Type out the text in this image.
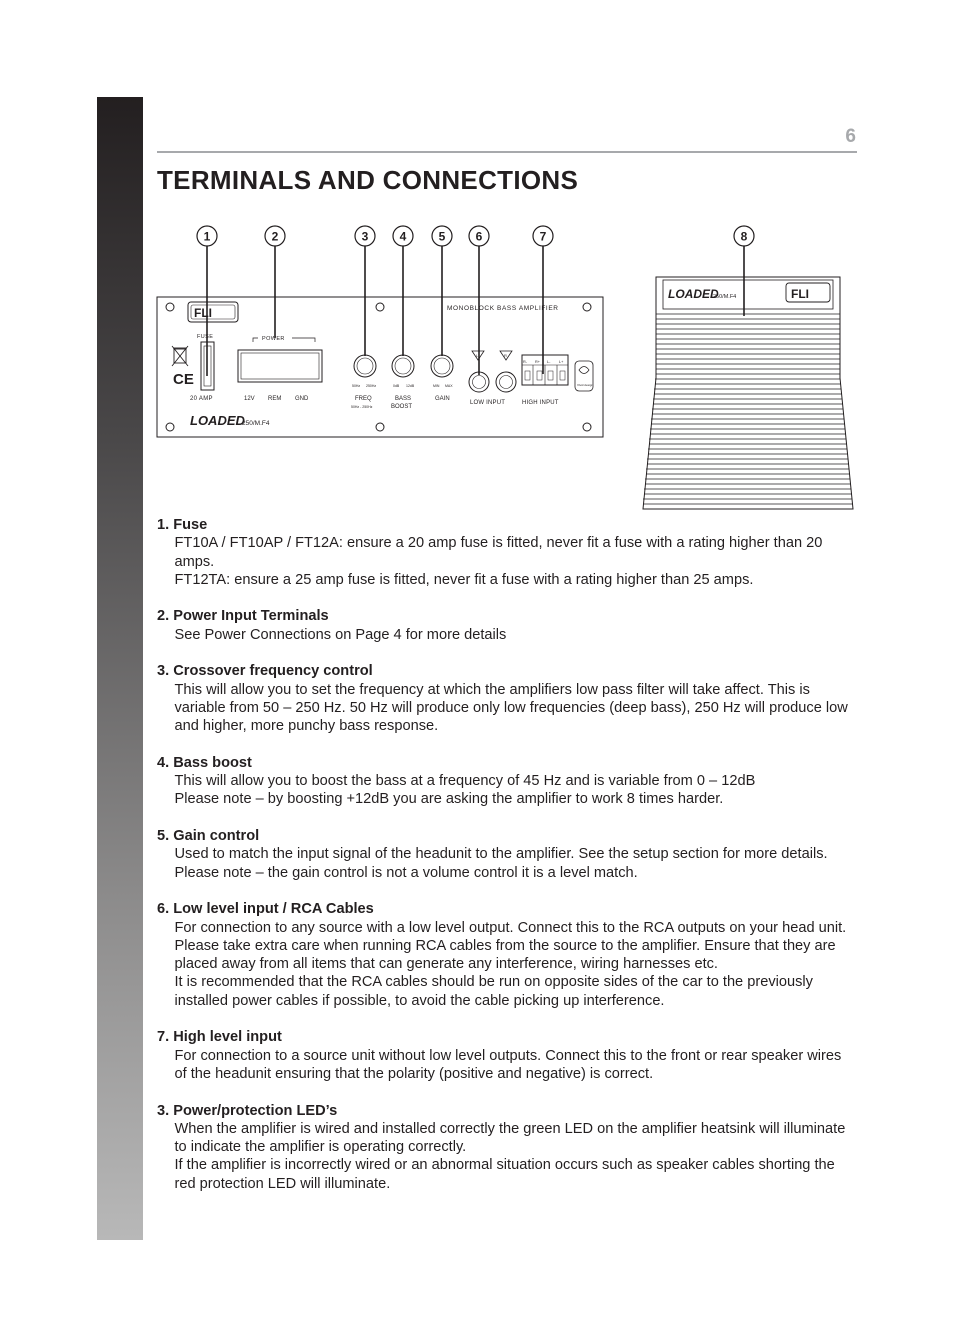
6
TERMINALS AND CONNECTIONS
MONOBLOCK BASS AMPLIFIER
FLI
CE
FUSE
20 AMP
POWER
12V REM GND
50Hz 250Hz
FREQ
50Hz - 250Hz
0dB 12dB
BASS
BOOST
MIN MAX
GAIN
L	R
LOW INPUT
R- R+ L- L+
HIGH INPUT
Vivid design
LOADED
250/M.F4
LOADED
250/M.F4	FLI
1	2	3	4	5	6	7	8
1. Fuse

FT10A / FT10AP / FT12A: ensure a 20 amp fuse is fitted, never fit a fuse with a rating higher than 20 amps.

FT12TA: ensure a 25 amp fuse is fitted, never fit a fuse with a rating higher than 25 amps.

2. Power Input Terminals

See Power Connections on Page 4 for more details

3. Crossover frequency control

This will allow you to set the frequency at which the amplifiers low pass filter will take affect. This is variable from 50 – 250 Hz. 50 Hz will produce only low frequencies (deep bass), 250 Hz will produce low and higher, more punchy bass response.

4. Bass boost

This will allow you to boost the bass at a frequency of 45 Hz and is variable from 0 – 12dB

Please note – by boosting +12dB you are asking the amplifier to work 8 times harder.

5. Gain control

Used to match the input signal of the headunit to the amplifier. See the setup section for more details. Please note – the gain control is not a volume control it is a level match.

6. Low level input / RCA Cables

For connection to any source with a low level output. Connect this to the RCA outputs on your head unit.

Please take extra care when running RCA cables from the source to the amplifier. Ensure that they are placed away from all items that can generate any interference, wiring harnesses etc.

It is recommended that the RCA cables should be run on opposite sides of the car to the previously installed power cables if possible, to avoid the cable picking up interference.

7. High level input

For connection to a source unit without low level outputs. Connect this to the front or rear speaker wires of the headunit ensuring that the polarity (positive and negative) is correct.

3. Power/protection LED’s

When the amplifier is wired and installed correctly the green LED on the amplifier heatsink will illuminate to indicate the amplifier is operating correctly.

If the amplifier is incorrectly wired or an abnormal situation occurs such as speaker cables shorting the red protection LED will illuminate.
